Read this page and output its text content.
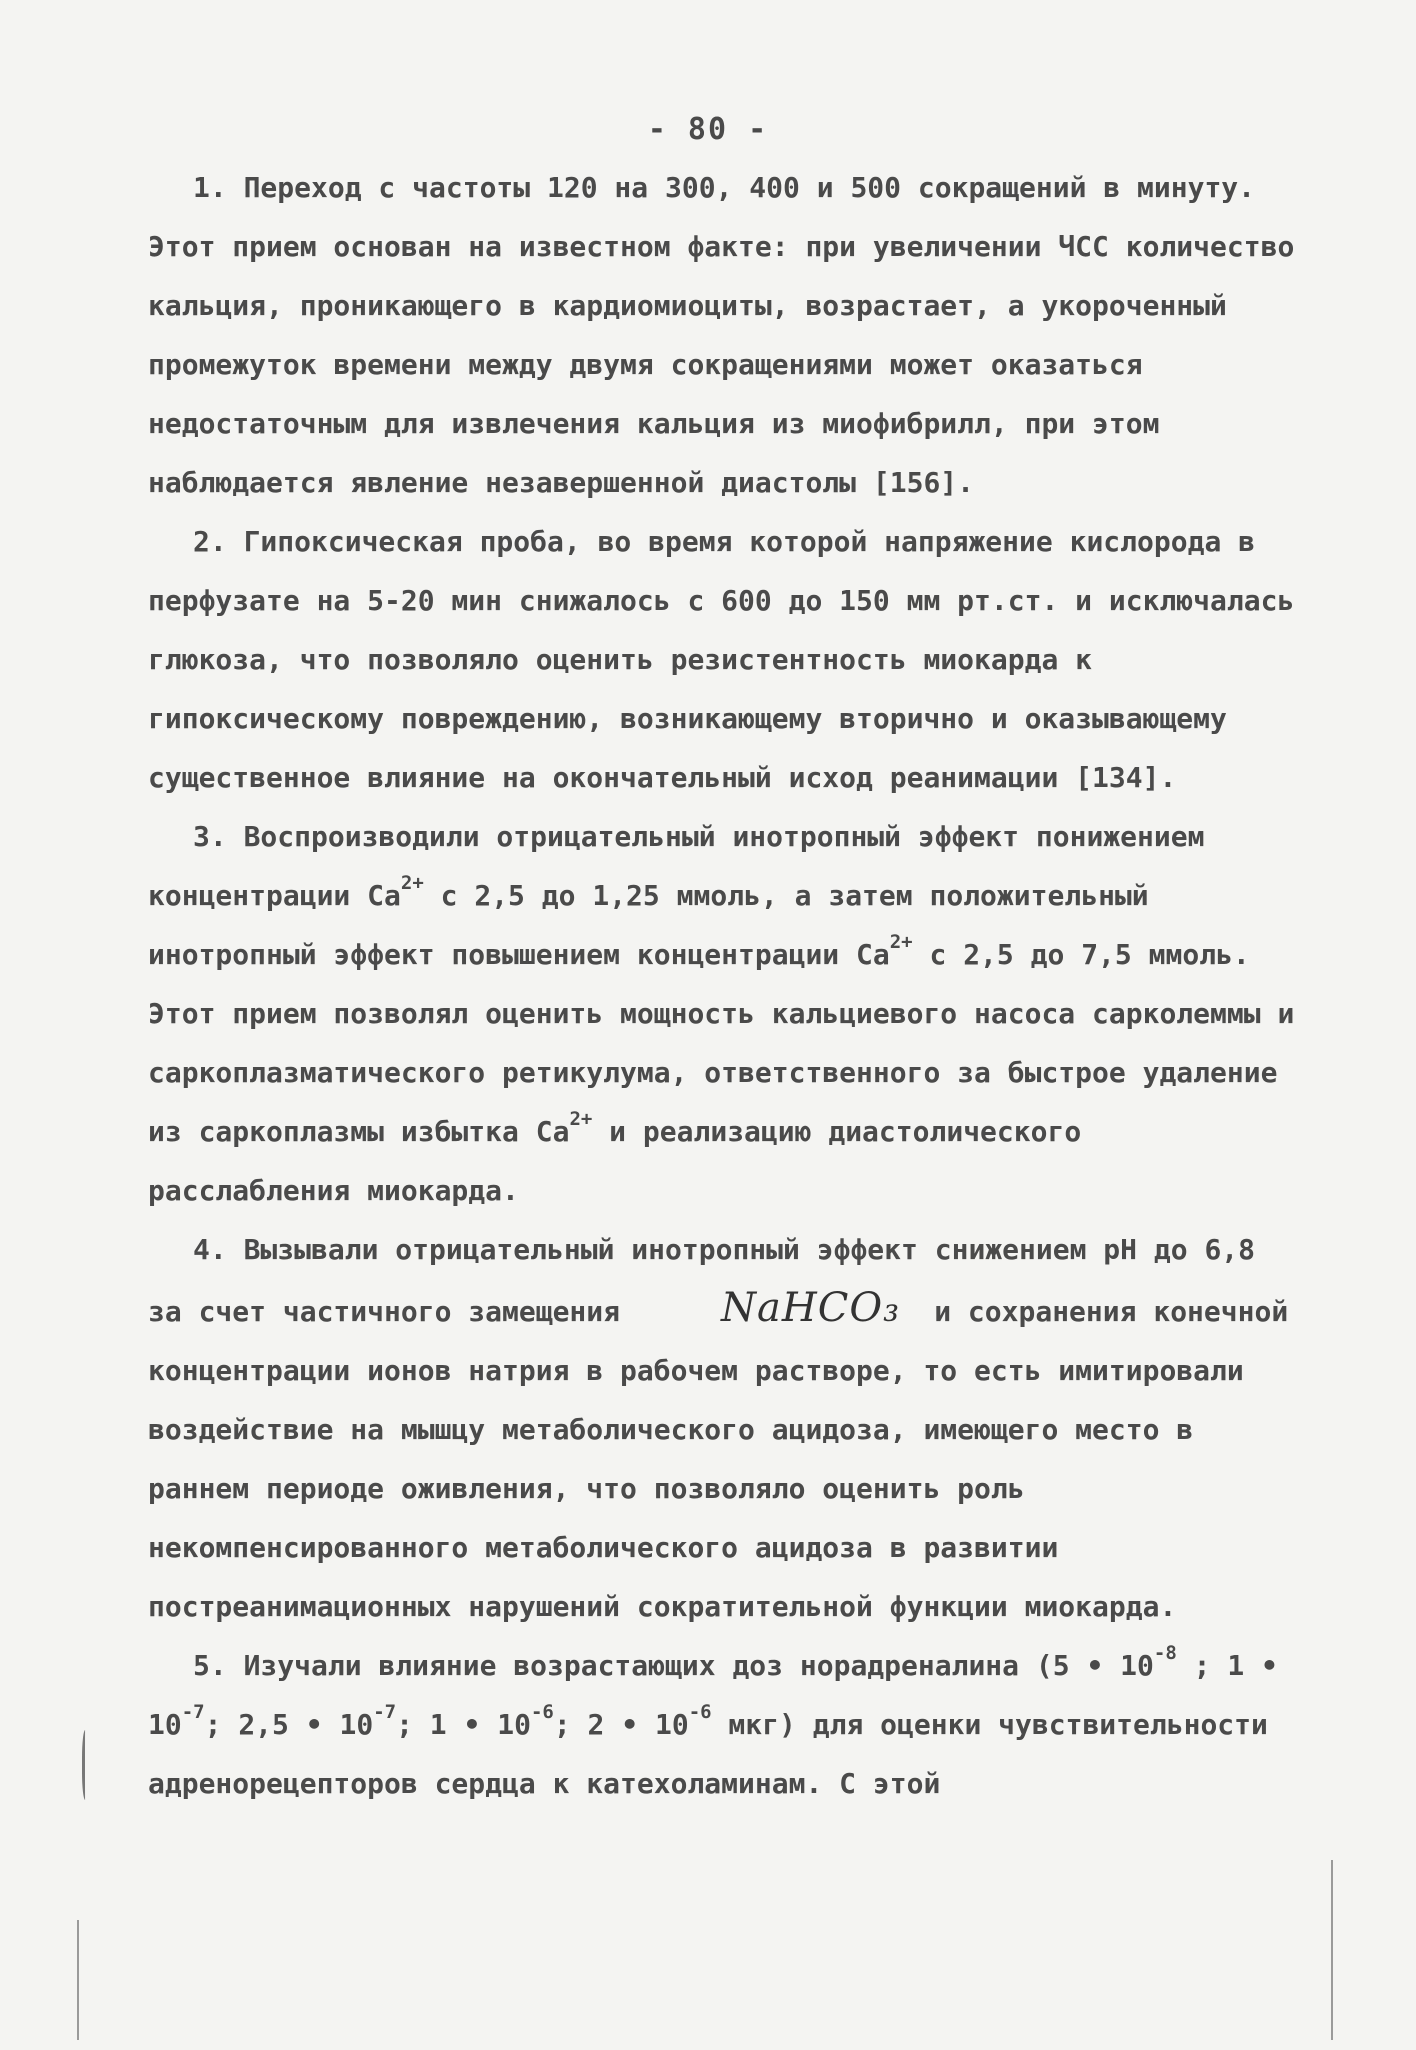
- 80 -

1. Переход с частоты 120 на 300, 400 и 500 сокращений в минуту. Этот прием основан на известном факте: при увеличении ЧСС количество кальция, проникающего в кардиомиоциты, возрастает, а укороченный промежуток времени между двумя сокращениями может оказаться недостаточным для извлечения кальция из миофибрилл, при этом наблюдается явление незавершенной диастолы [156].

2. Гипоксическая проба, во время которой напряжение кислорода в перфузате на 5-20 мин снижалось с 600 до 150 мм рт.ст. и исключалась глюкоза, что позволяло оценить резистентность миокарда к гипоксическому повреждению, возникающему вторично и оказывающему существенное влияние на окончательный исход реанимации [134].

3. Воспроизводили отрицательный инотропный эффект понижением концентрации $Ca^{2+}$ с 2,5 до 1,25 ммоль, а затем положительный инотропный эффект повышением концентрации $Ca^{2+}$ с 2,5 до 7,5 ммоль. Этот прием позволял оценить мощность кальциевого насоса сарколеммы и саркоплазматического ретикулума, ответственного за быстрое удаление из саркоплазмы избытка $Ca^{2+}$ и реализацию диастолического расслабления миокарда.

4. Вызывали отрицательный инотропный эффект снижением pH до 6,8 за счет частичного замещения	NaHCO₃ и сохранения конечной концентрации ионов натрия в рабочем растворе, то есть имитировали воздействие на мышцу метаболического ацидоза, имеющего место в раннем периоде оживления, что позволяло оценить роль некомпенсированного метаболического ацидоза в развитии постреанимационных нарушений сократительной функции миокарда.

5. Изучали влияние возрастающих доз норадреналина (5 • $10^{-8}$ ; 1 • $10^{-7}$; 2,5 • $10^{-7}$; 1 • $10^{-6}$; 2 • $10^{-6}$ мкг) для оценки чувствительности адренорецепторов сердца к катехоламинам. С этой
